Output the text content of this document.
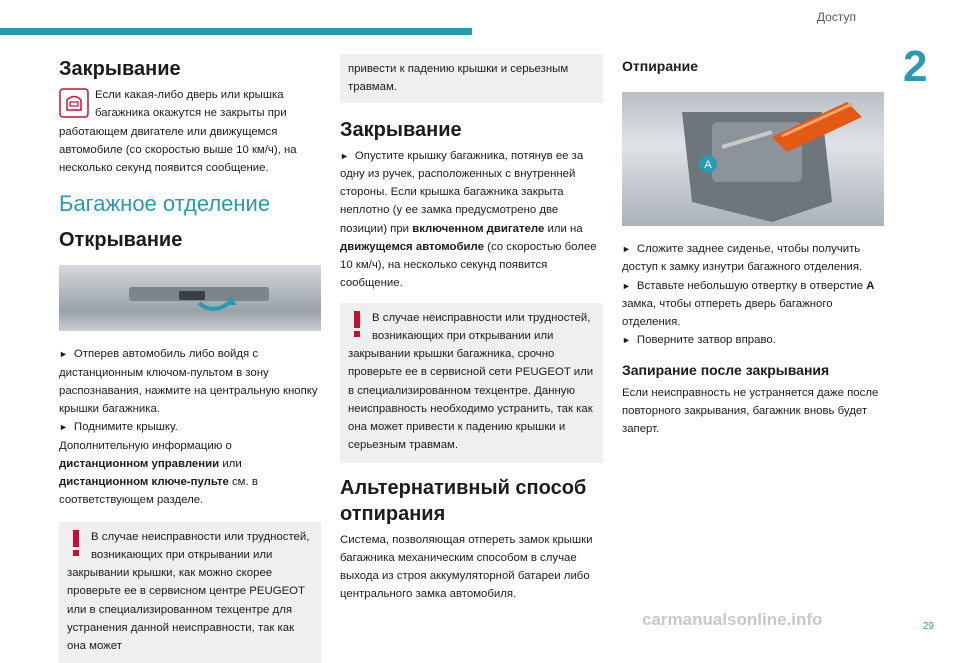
Доступ
2
Закрывание

Если какая-либо дверь или крышка багажника окажутся не закрыты при работающем двигателе или движущемся автомобиле (со скоростью выше 10 км/ч), на несколько секунд появится сообщение.

Багажное отделение
Открывание

► Отперев автомобиль либо войдя с дистанционным ключом-пультом в зону распознавания, нажмите на центральную кнопку крышки багажника.

► Поднимите крышку.

Дополнительную информацию о дистанционном управлении или дистанционном ключе-пульте см. в соответствующем разделе.

В случае неисправности или трудностей, возникающих при открывании или закрывании крышки, как можно скорее проверьте ее в сервисном центре PEUGEOT или в специализированном техцентре для устранения данной неисправности, так как она может
привести к падению крышки и серьезным травмам.
Закрывание

► Опустите крышку багажника, потянув ее за одну из ручек, расположенных с внутренней стороны. Если крышка багажника закрыта неплотно (у ее замка предусмотрено две позиции) при включенном двигателе или на движущемся автомобиле (со скоростью более 10 км/ч), на несколько секунд появится сообщение.

В случае неисправности или трудностей, возникающих при открывании или закрывании крышки багажника, срочно проверьте ее в сервисной сети PEUGEOT или в специализированном техцентре. Данную неисправность необходимо устранить, так как она может привести к падению крышки и серьезным травмам.
Альтернативный способ отпирания

Система, позволяющая отпереть замок крышки багажника механическим способом в случае выхода из строя аккумуляторной батареи либо центрального замка автомобиля.

Отпирание
A

► Сложите заднее сиденье, чтобы получить доступ к замку изнутри багажного отделения.

► Вставьте небольшую отвертку в отверстие A замка, чтобы отпереть дверь багажного отделения.

► Поверните затвор вправо.

Запирание после закрывания

Если неисправность не устраняется даже после повторного закрывания, багажник вновь будет заперт.

29
carmanualsonline.info
